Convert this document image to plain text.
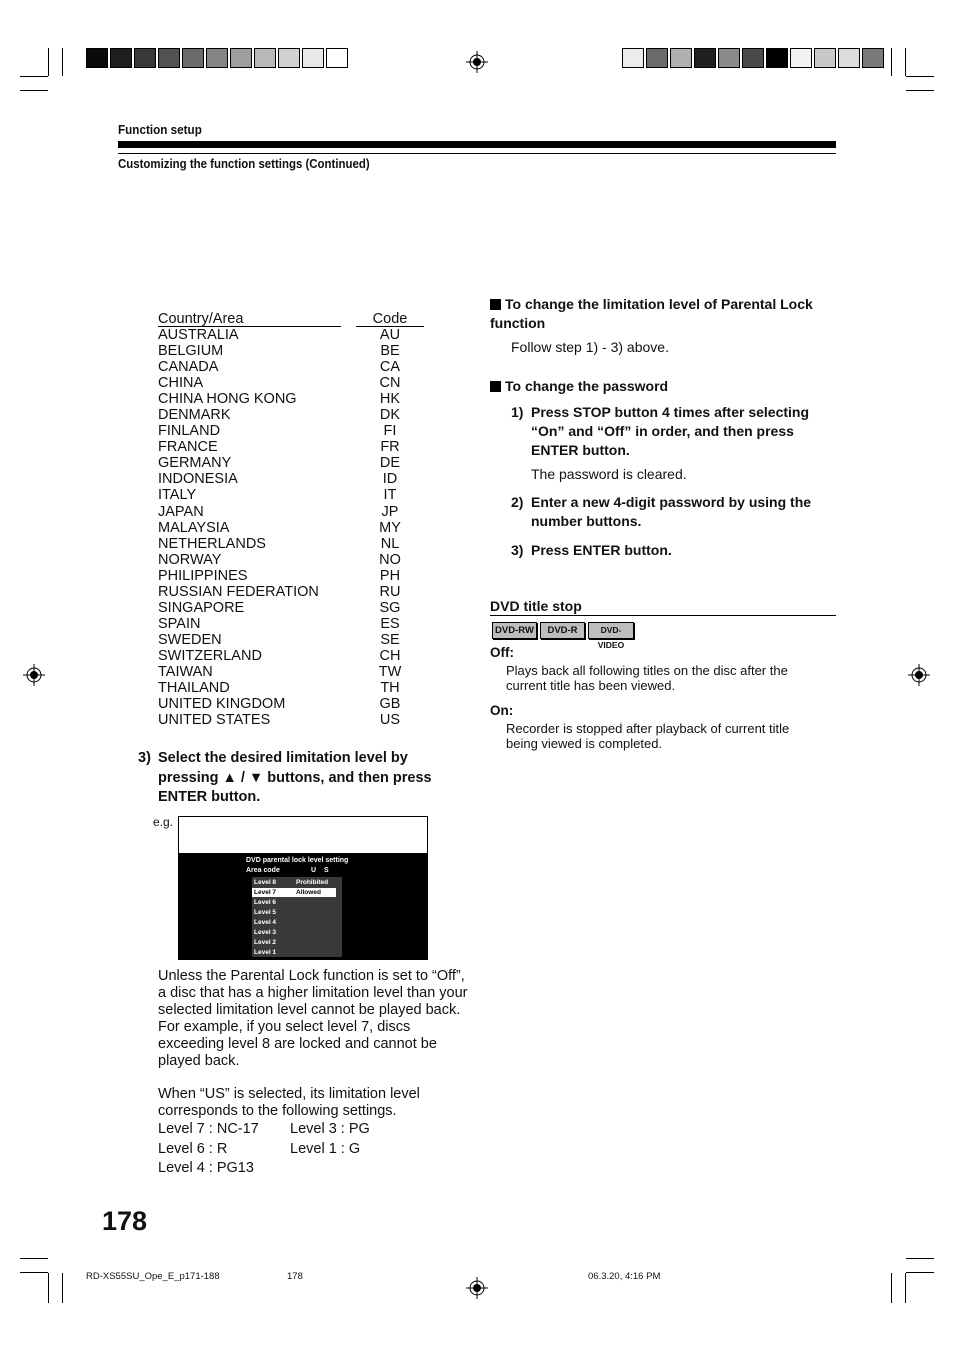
Function setup
Customizing the function settings (Continued)
Country/Area	Code
AUSTRALIA	AU
BELGIUM	BE
CANADA	CA
CHINA	CN
CHINA HONG KONG	HK
DENMARK	DK
FINLAND	FI
FRANCE	FR
GERMANY	DE
INDONESIA	ID
ITALY	IT
JAPAN	JP
MALAYSIA	MY
NETHERLANDS	NL
NORWAY	NO
PHILIPPINES	PH
RUSSIAN FEDERATION	RU
SINGAPORE	SG
SPAIN	ES
SWEDEN	SE
SWITZERLAND	CH
TAIWAN	TW
THAILAND	TH
UNITED KINGDOM	GB
UNITED STATES	US
3) Select the desired limitation level by pressing ▲ / ▼ buttons, and then press ENTER button.
e.g.
DVD parental lock level setting
Area code	U S
Level 8	Prohibited
Level 7	Allowed
Level 6
Level 5
Level 4
Level 3
Level 2
Level 1
Unless the Parental Lock function is set to “Off”, a disc that has a higher limitation level than your selected limitation level cannot be played back. For example, if you select level 7, discs exceeding level 8 are locked and cannot be played back.
When “US” is selected, its limitation level corresponds to the following settings.
Level 7 : NC-17 Level 3 : PG
Level 6 : R	Level 1 : G
Level 4 : PG13
To change the limitation level of Parental Lock function
Follow step 1) - 3) above.
To change the password
1) Press STOP button 4 times after selecting “On” and “Off” in order, and then press ENTER button.
The password is cleared.
2) Enter a new 4-digit password by using the number buttons.
3) Press ENTER button.
DVD title stop
DVD-RW	DVD-R	DVD-VIDEO
Off:
Plays back all following titles on the disc after the current title has been viewed.
On:
Recorder is stopped after playback of current title being viewed is completed.
178
RD-XS55SU_Ope_E_p171-188	178	06.3.20, 4:16 PM
